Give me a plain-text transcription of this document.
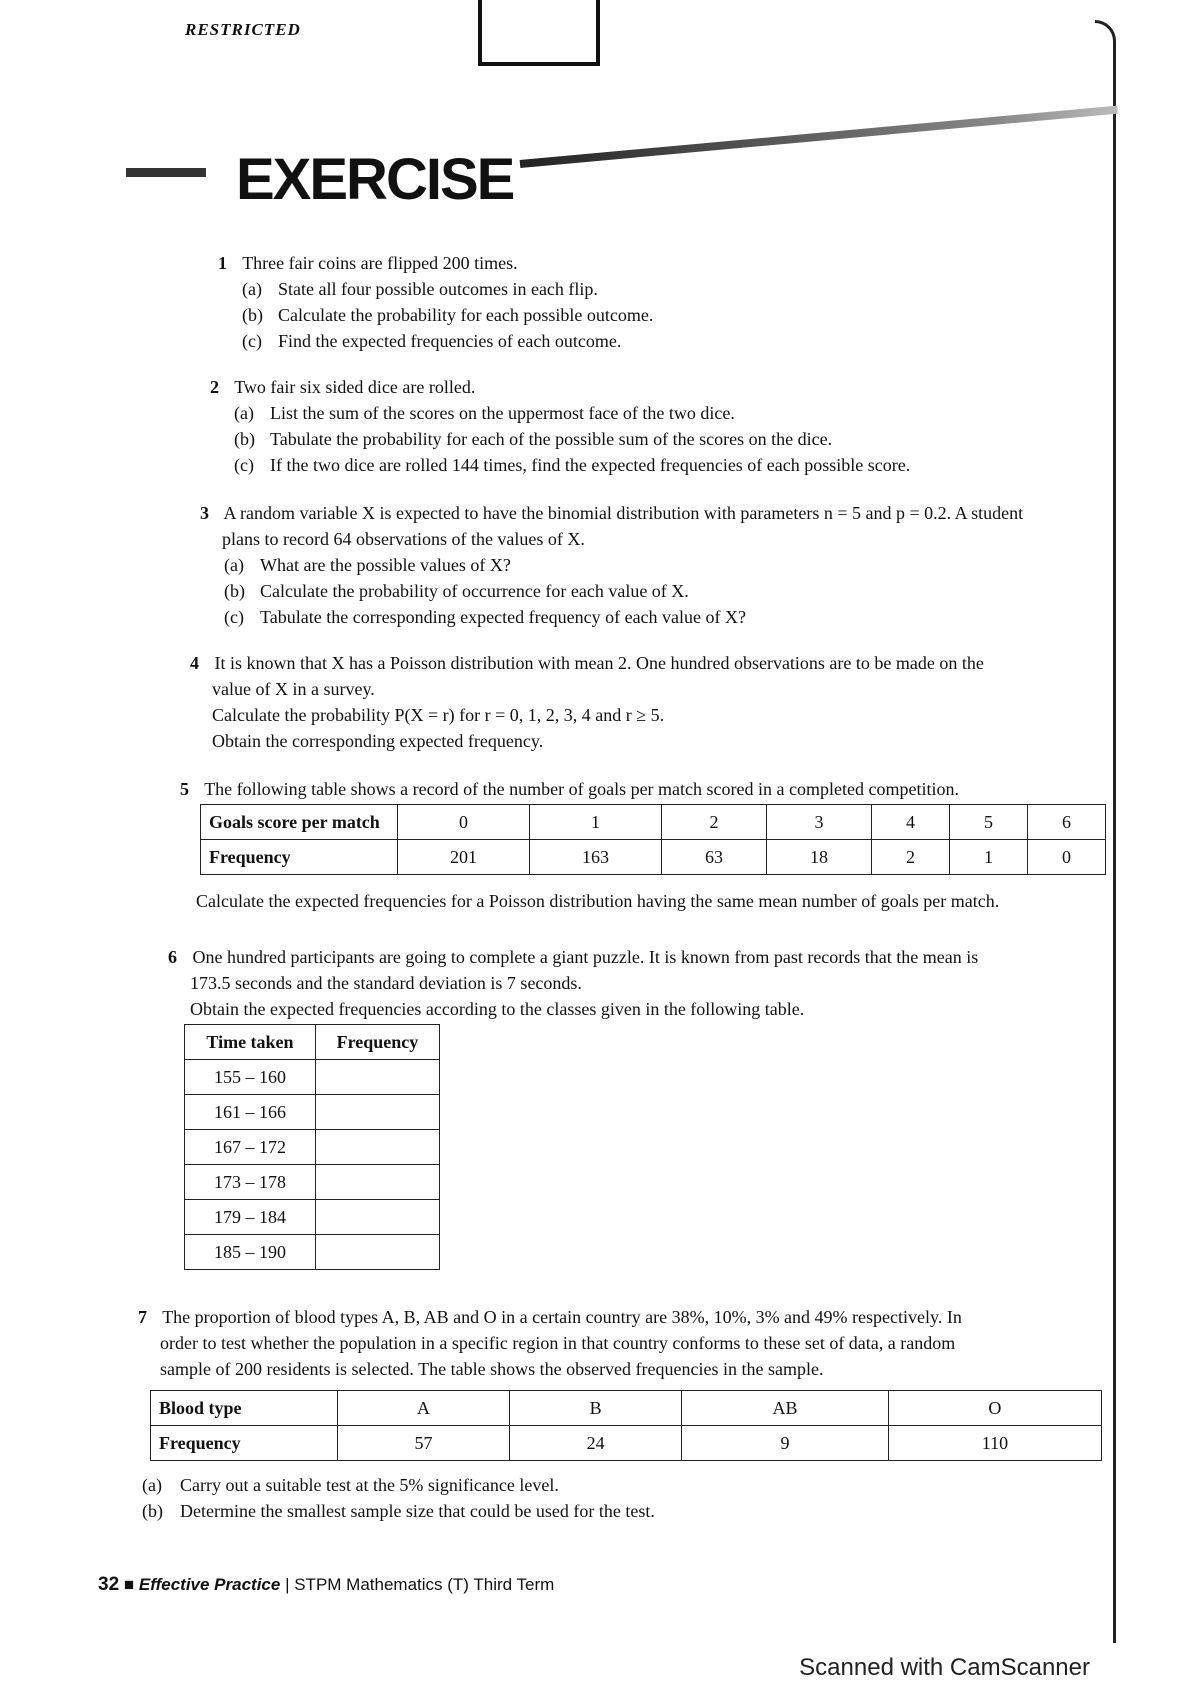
RESTRICTED
EXERCISE
1 Three fair coins are flipped 200 times.
(a) State all four possible outcomes in each flip.
(b) Calculate the probability for each possible outcome.
(c) Find the expected frequencies of each outcome.
2 Two fair six sided dice are rolled.
(a) List the sum of the scores on the uppermost face of the two dice.
(b) Tabulate the probability for each of the possible sum of the scores on the dice.
(c) If the two dice are rolled 144 times, find the expected frequencies of each possible score.
3 A random variable X is expected to have the binomial distribution with parameters n = 5 and p = 0.2. A student
plans to record 64 observations of the values of X.
(a) What are the possible values of X?
(b) Calculate the probability of occurrence for each value of X.
(c) Tabulate the corresponding expected frequency of each value of X?
4 It is known that X has a Poisson distribution with mean 2. One hundred observations are to be made on the
value of X in a survey.
Calculate the probability P(X = r) for r = 0, 1, 2, 3, 4 and r ≥ 5.
Obtain the corresponding expected frequency.
5 The following table shows a record of the number of goals per match scored in a completed competition.
Goals score per match	0	1	2	3	4	5	6
Frequency	201	163	63	18	2	1	0
Calculate the expected frequencies for a Poisson distribution having the same mean number of goals per match.
6 One hundred participants are going to complete a giant puzzle. It is known from past records that the mean is
173.5 seconds and the standard deviation is 7 seconds.
Obtain the expected frequencies according to the classes given in the following table.
Time taken	Frequency
155 – 160	
161 – 166	
167 – 172	
173 – 178	
179 – 184	
185 – 190	
7 The proportion of blood types A, B, AB and O in a certain country are 38%, 10%, 3% and 49% respectively. In
order to test whether the population in a specific region in that country conforms to these set of data, a random
sample of 200 residents is selected. The table shows the observed frequencies in the sample.
Blood type	A	B	AB	O
Frequency	57	24	9	110
(a) Carry out a suitable test at the 5% significance level.
(b) Determine the smallest sample size that could be used for the test.
32 ■ Effective Practice | STPM Mathematics (T) Third Term
Scanned with CamScanner
